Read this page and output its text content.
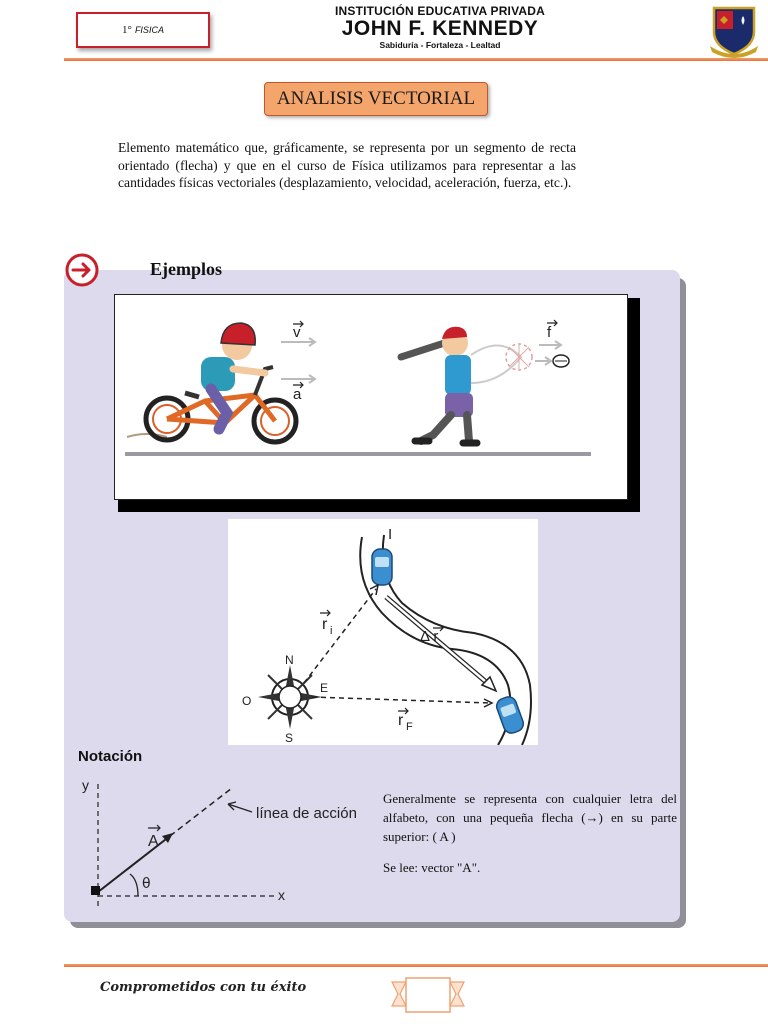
1° FISICA
INSTITUCIÓN EDUCATIVA PRIVADA
JOHN F. KENNEDY
Sabiduría - Fortaleza - Lealtad
ANALISIS VECTORIAL

Elemento matemático que, gráficamente, se representa por un segmento de recta orientado (flecha) y que en el curso de Física utilizamos para representar a las cantidades físicas vectoriales (desplazamiento, velocidad, aceleración, fuerza, etc.).

Ejemplos
v
a
f
I
N
S
E
O
r i	Δ r
r F
Notación
y
x
θ
A
línea de acción

Generalmente se representa con cualquier letra del alfabeto, con una pequeña flecha (→) en su parte superior: ( A )

Se lee: vector "A".

Comprometidos con tu éxito
